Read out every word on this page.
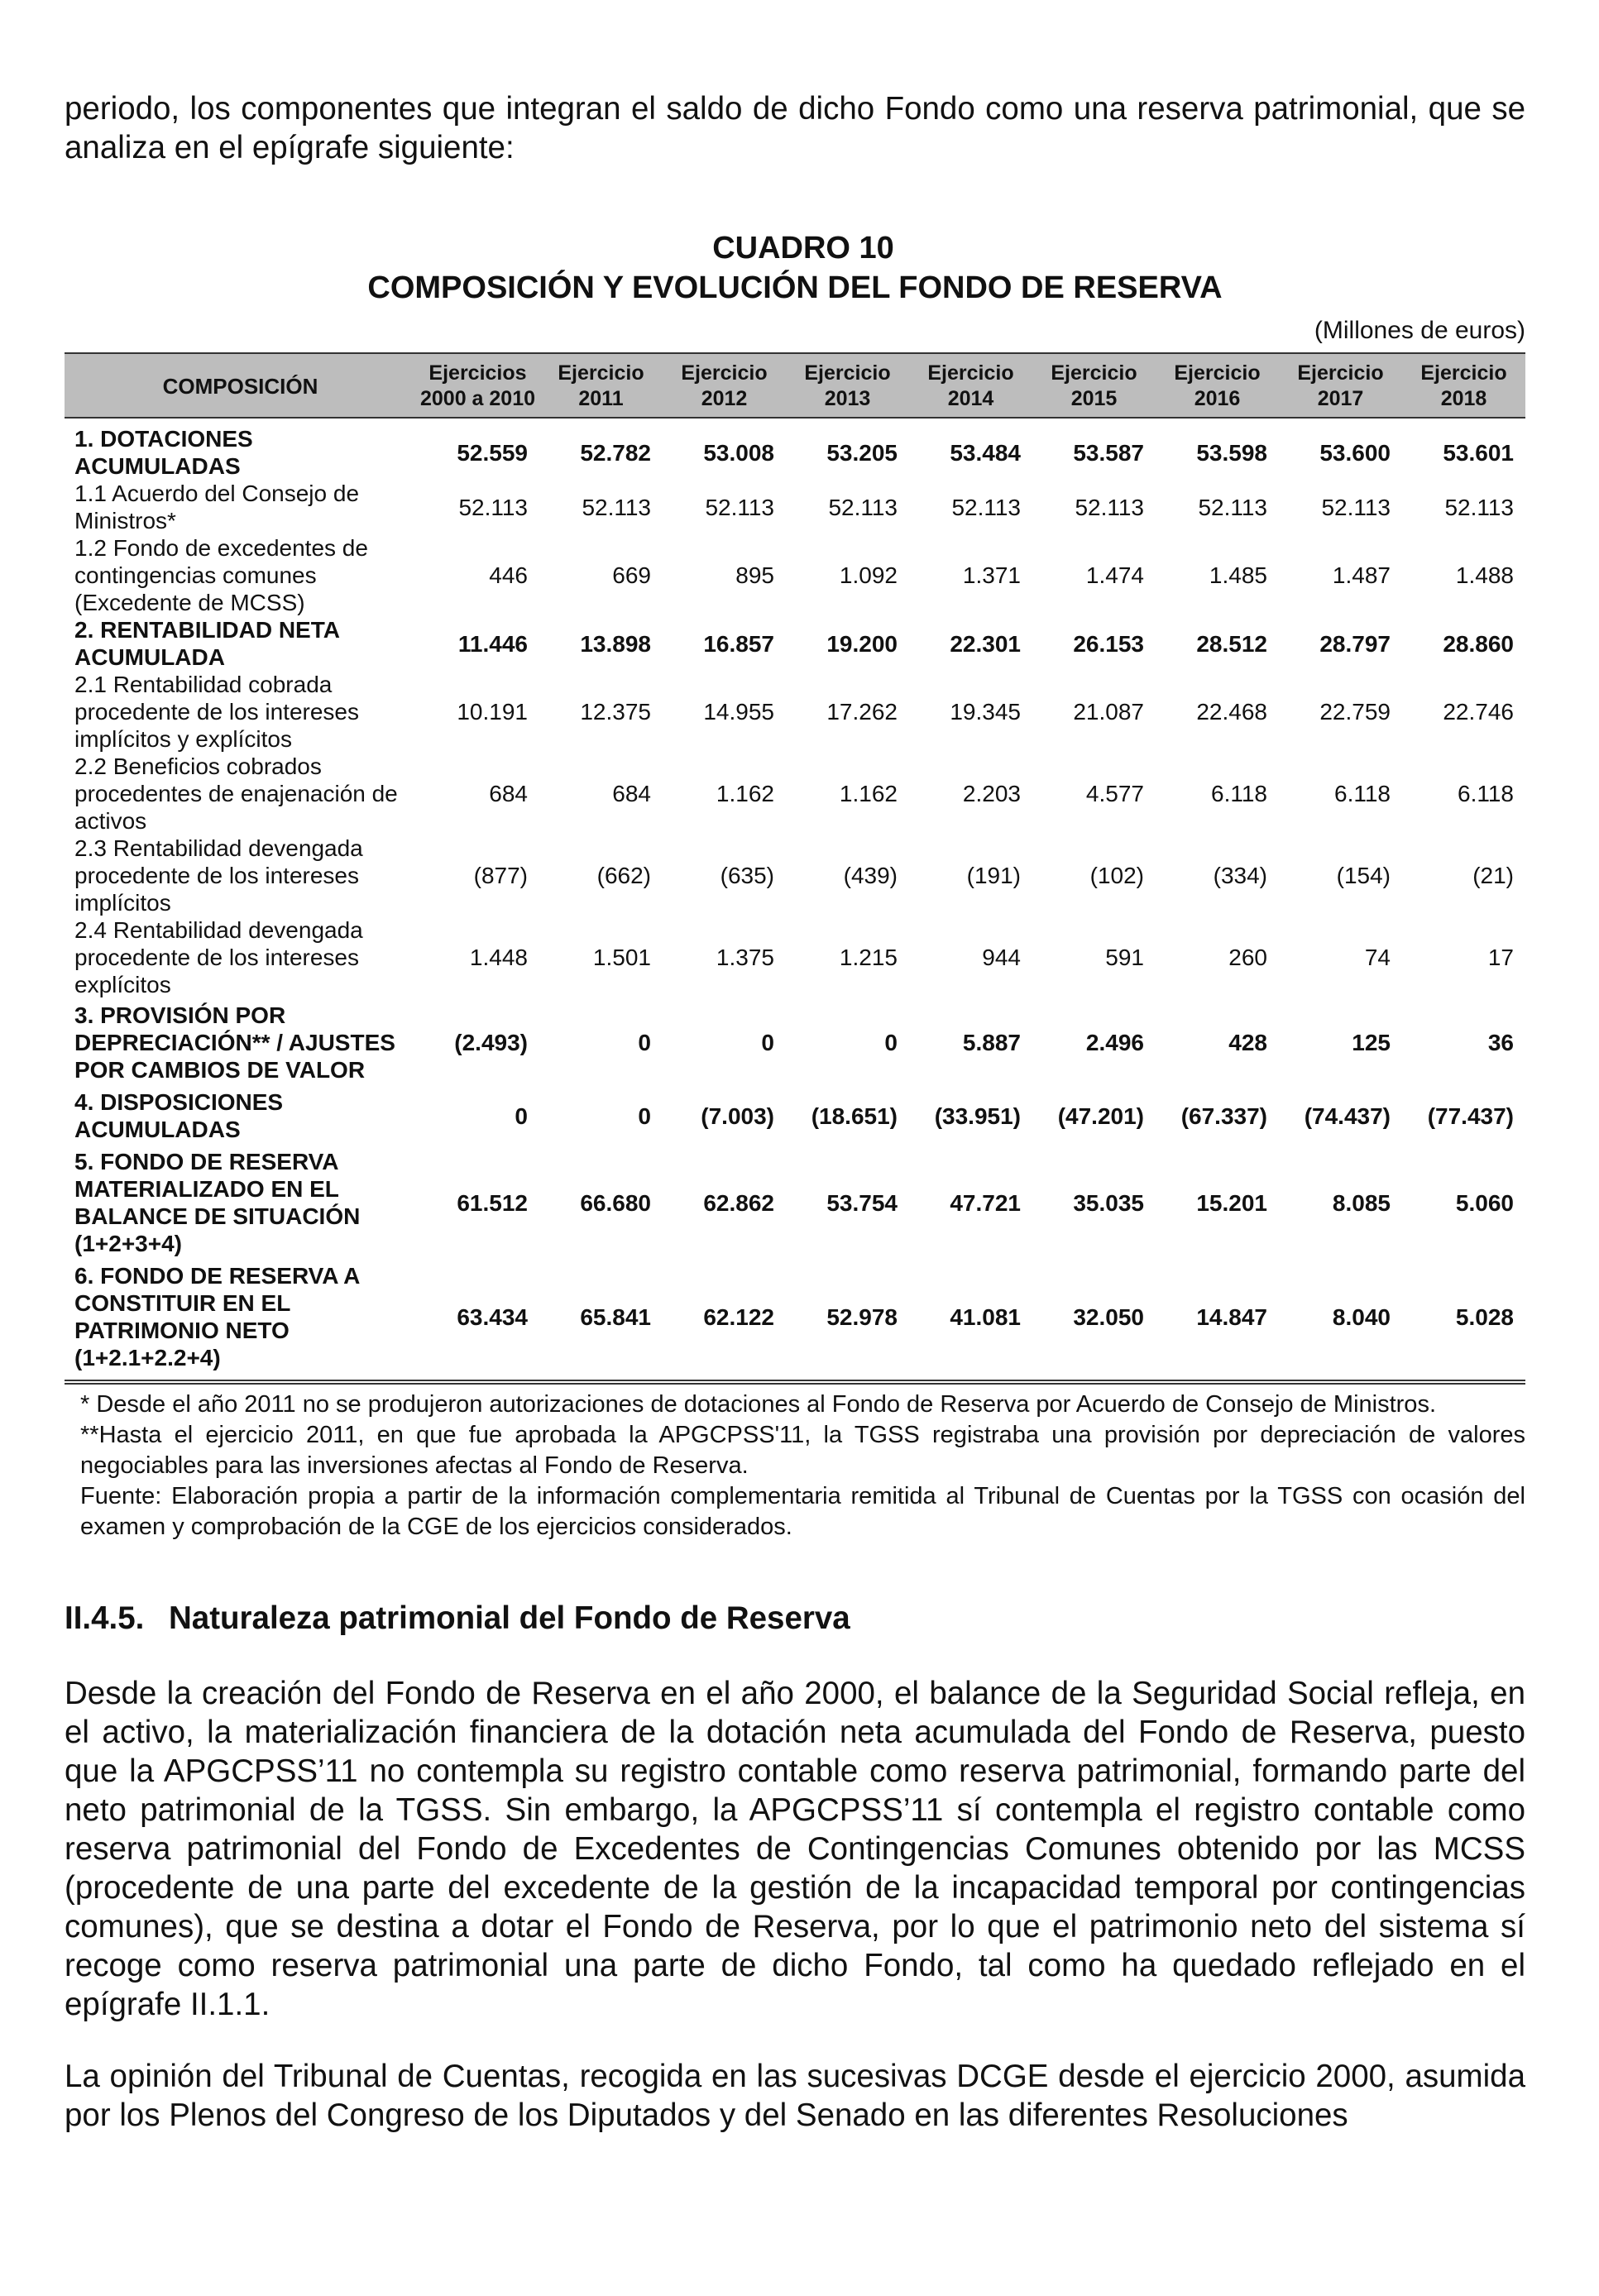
periodo, los componentes que integran el saldo de dicho Fondo como una reserva patrimonial, que se analiza en el epígrafe siguiente:

CUADRO 10
COMPOSICIÓN Y EVOLUCIÓN DEL FONDO DE RESERVA
(Millones de euros)
COMPOSICIÓN	Ejercicios 2000 a 2010	Ejercicio 2011	Ejercicio 2012	Ejercicio 2013	Ejercicio 2014	Ejercicio 2015	Ejercicio 2016	Ejercicio 2017	Ejercicio 2018
1. DOTACIONES ACUMULADAS	52.559	52.782	53.008	53.205	53.484	53.587	53.598	53.600	53.601
1.1 Acuerdo del Consejo de Ministros*	52.113	52.113	52.113	52.113	52.113	52.113	52.113	52.113	52.113
1.2 Fondo de excedentes de contingencias comunes (Excedente de MCSS)	446	669	895	1.092	1.371	1.474	1.485	1.487	1.488
2. RENTABILIDAD NETA ACUMULADA	11.446	13.898	16.857	19.200	22.301	26.153	28.512	28.797	28.860
2.1 Rentabilidad cobrada procedente de los intereses implícitos y explícitos	10.191	12.375	14.955	17.262	19.345	21.087	22.468	22.759	22.746
2.2 Beneficios cobrados procedentes de enajenación de activos	684	684	1.162	1.162	2.203	4.577	6.118	6.118	6.118
2.3 Rentabilidad devengada procedente de los intereses implícitos	(877)	(662)	(635)	(439)	(191)	(102)	(334)	(154)	(21)
2.4 Rentabilidad devengada procedente de los intereses explícitos	1.448	1.501	1.375	1.215	944	591	260	74	17
3. PROVISIÓN POR DEPRECIACIÓN** / AJUSTES POR CAMBIOS DE VALOR	(2.493)	0	0	0	5.887	2.496	428	125	36
4. DISPOSICIONES ACUMULADAS	0	0	(7.003)	(18.651)	(33.951)	(47.201)	(67.337)	(74.437)	(77.437)
5. FONDO DE RESERVA MATERIALIZADO EN EL BALANCE DE SITUACIÓN (1+2+3+4)	61.512	66.680	62.862	53.754	47.721	35.035	15.201	8.085	5.060
6. FONDO DE RESERVA A CONSTITUIR EN EL PATRIMONIO NETO (1+2.1+2.2+4)	63.434	65.841	62.122	52.978	41.081	32.050	14.847	8.040	5.028

* Desde el año 2011 no se produjeron autorizaciones de dotaciones al Fondo de Reserva por Acuerdo de Consejo de Ministros.

**Hasta el ejercicio 2011, en que fue aprobada la APGCPSS'11, la TGSS registraba una provisión por depreciación de valores negociables para las inversiones afectas al Fondo de Reserva.

Fuente: Elaboración propia a partir de la información complementaria remitida al Tribunal de Cuentas por la TGSS con ocasión del examen y comprobación de la CGE de los ejercicios considerados.

II.4.5. Naturaleza patrimonial del Fondo de Reserva

Desde la creación del Fondo de Reserva en el año 2000, el balance de la Seguridad Social refleja, en el activo, la materialización financiera de la dotación neta acumulada del Fondo de Reserva, puesto que la APGCPSS’11 no contempla su registro contable como reserva patrimonial, formando parte del neto patrimonial de la TGSS. Sin embargo, la APGCPSS’11 sí contempla el registro contable como reserva patrimonial del Fondo de Excedentes de Contingencias Comunes obtenido por las MCSS (procedente de una parte del excedente de la gestión de la incapacidad temporal por contingencias comunes), que se destina a dotar el Fondo de Reserva, por lo que el patrimonio neto del sistema sí recoge como reserva patrimonial una parte de dicho Fondo, tal como ha quedado reflejado en el epígrafe II.1.1.

La opinión del Tribunal de Cuentas, recogida en las sucesivas DCGE desde el ejercicio 2000, asumida por los Plenos del Congreso de los Diputados y del Senado en las diferentes Resoluciones
